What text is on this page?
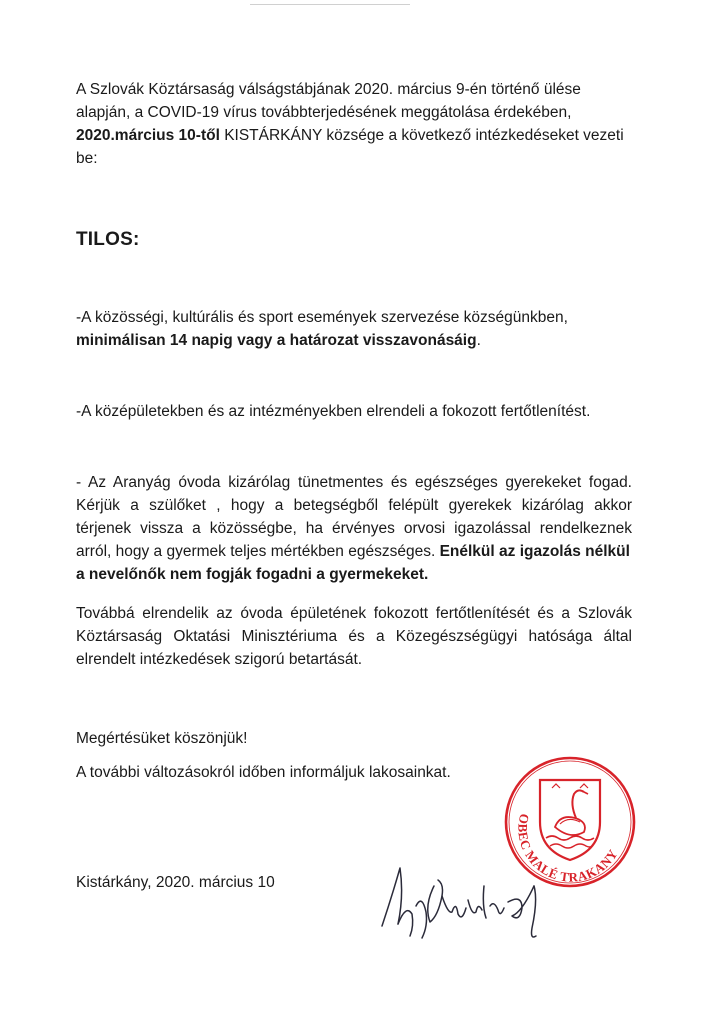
A Szlovák Köztársaság válságstábjának 2020. március 9-én történő ülése
alapján, a COVID-19 vírus továbbterjedésének meggátolása érdekében,
2020.március 10-től KISTÁRKÁNY községe a következő intézkedéseket vezeti
be:
TILOS:
-A közösségi, kultúrális és sport események szervezése községünkben,
minimálisan 14 napig vagy a határozat visszavonásáig.
-A középületekben és az intézményekben elrendeli a fokozott fertőtlenítést.
- Az Aranyág óvoda kizárólag tünetmentes és egészséges gyerekeket fogad.
Kérjük a szülőket , hogy a betegségből felépült gyerekek kizárólag akkor
térjenek vissza a közösségbe, ha érvényes orvosi igazolással rendelkeznek
arról, hogy a gyermek teljes mértékben egészséges. Enélkül az igazolás nélkül
a nevelőnők nem fogják fogadni a gyermekeket.
Továbbá elrendelik az óvoda épületének fokozott fertőtlenítését és a Szlovák
Köztársaság Oktatási Minisztériuma és a Közegészségügyi hatósága által
elrendelt intézkedések szigorú betartását.
Megértésüket köszönjük!
A további változásokról időben informáljuk lakosainkat.
Kistárkány, 2020. március 10
OBEC MALÉ TRAKANY
